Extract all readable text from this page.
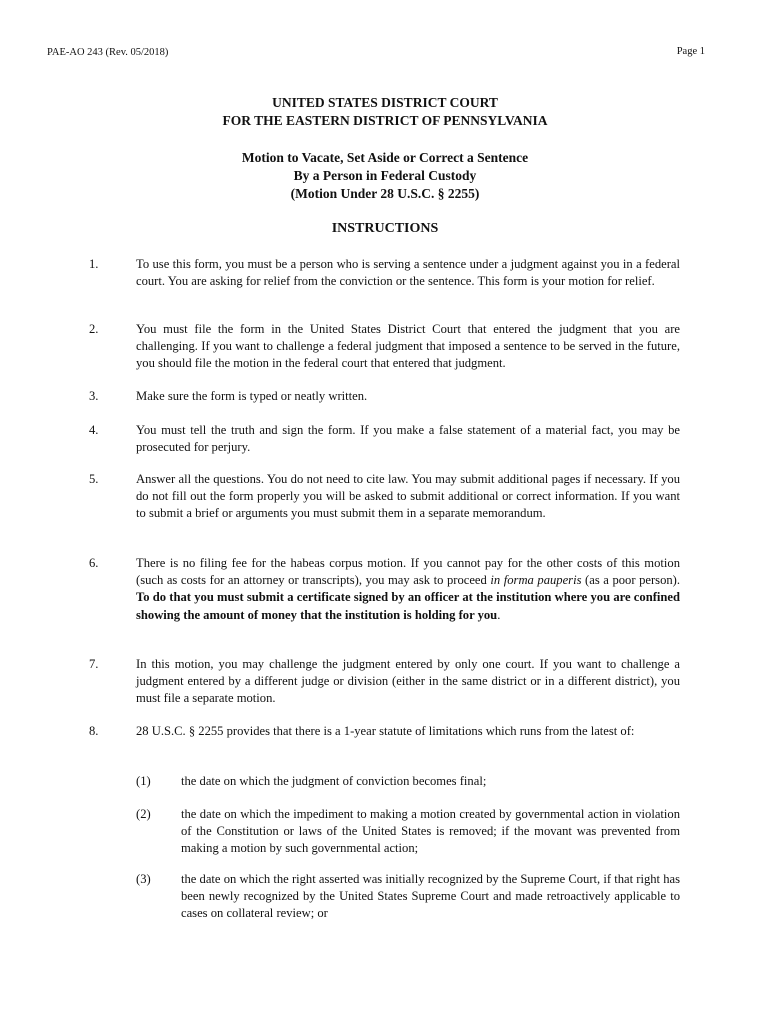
PAE-AO 243 (Rev. 05/2018)	Page 1
UNITED STATES DISTRICT COURT
FOR THE EASTERN DISTRICT OF PENNSYLVANIA
Motion to Vacate, Set Aside or Correct a Sentence
By a Person in Federal Custody
(Motion Under 28 U.S.C. § 2255)
INSTRUCTIONS
1.	To use this form, you must be a person who is serving a sentence under a judgment against you in a federal court. You are asking for relief from the conviction or the sentence. This form is your motion for relief.
2.	You must file the form in the United States District Court that entered the judgment that you are challenging. If you want to challenge a federal judgment that imposed a sentence to be served in the future, you should file the motion in the federal court that entered that judgment.
3.	Make sure the form is typed or neatly written.
4.	You must tell the truth and sign the form. If you make a false statement of a material fact, you may be prosecuted for perjury.
5.	Answer all the questions. You do not need to cite law. You may submit additional pages if necessary. If you do not fill out the form properly you will be asked to submit additional or correct information. If you want to submit a brief or arguments you must submit them in a separate memorandum.
6.	There is no filing fee for the habeas corpus motion. If you cannot pay for the other costs of this motion (such as costs for an attorney or transcripts), you may ask to proceed in forma pauperis (as a poor person). To do that you must submit a certificate signed by an officer at the institution where you are confined showing the amount of money that the institution is holding for you.
7.	In this motion, you may challenge the judgment entered by only one court. If you want to challenge a judgment entered by a different judge or division (either in the same district or in a different district), you must file a separate motion.
8.	28 U.S.C. § 2255 provides that there is a 1-year statute of limitations which runs from the latest of:
(1) the date on which the judgment of conviction becomes final;
(2) the date on which the impediment to making a motion created by governmental action in violation of the Constitution or laws of the United States is removed; if the movant was prevented from making a motion by such governmental action;
(3) the date on which the right asserted was initially recognized by the Supreme Court, if that right has been newly recognized by the United States Supreme Court and made retroactively applicable to cases on collateral review; or
